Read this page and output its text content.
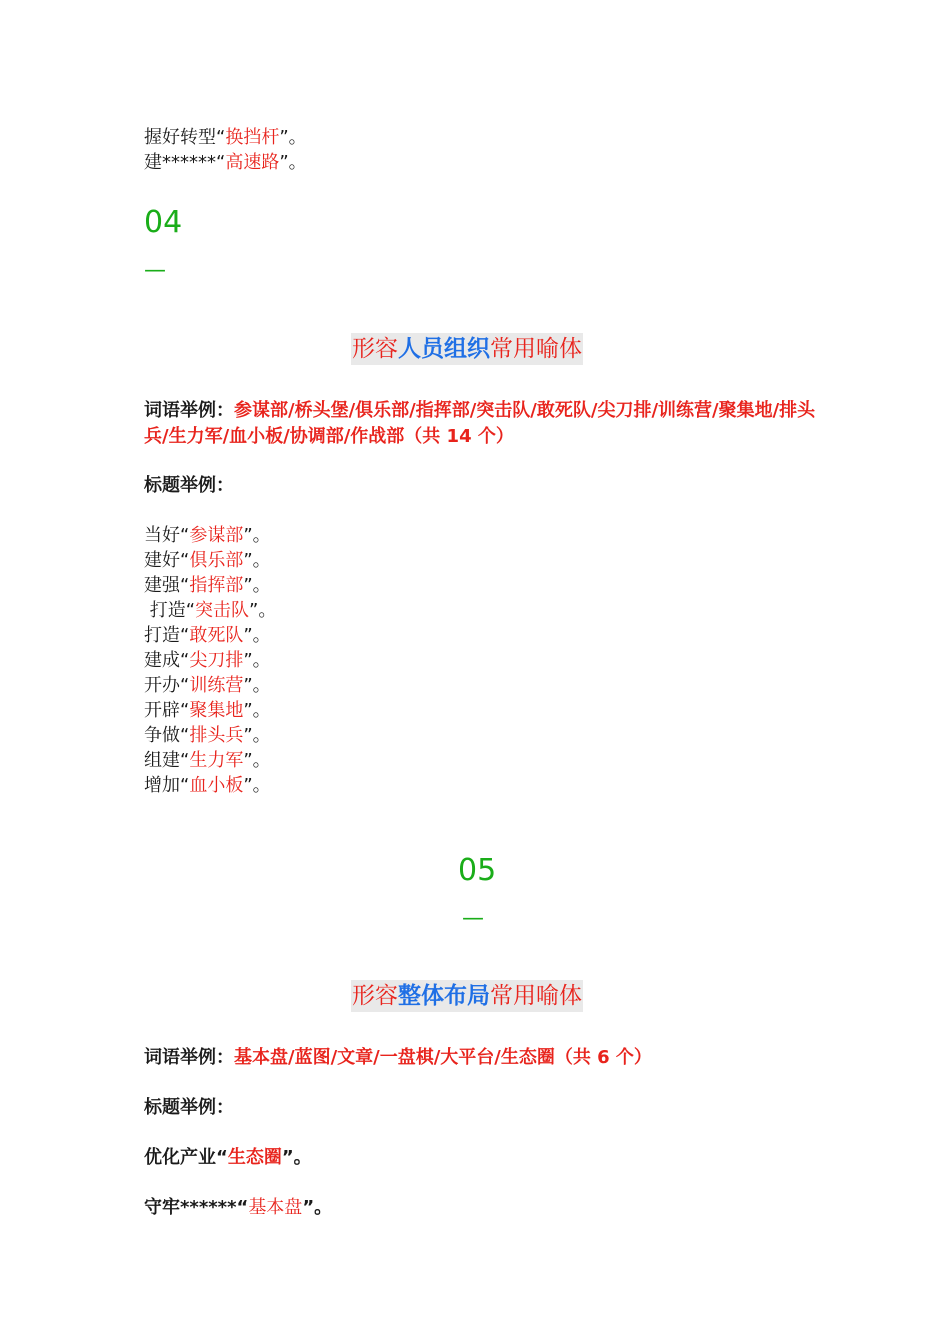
握好转型“换挡杆”。
建******“高速路”。
04
—
形容人员组织常用喻体
词语举例：参谋部/桥头堡/俱乐部/指挥部/突击队/敢死队/尖刀排/训练营/聚集地/排头兵/生力军/血小板/协调部/作战部（共 14 个）
标题举例：
当好“参谋部”。
建好“俱乐部”。
建强“指挥部”。
打造“突击队”。
打造“敢死队”。
建成“尖刀排”。
开办“训练营”。
开辟“聚集地”。
争做“排头兵”。
组建“生力军”。
增加“血小板”。
05
—
形容整体布局常用喻体
词语举例：基本盘/蓝图/文章/一盘棋/大平台/生态圈（共 6 个）
标题举例：
优化产业“生态圈”。
守牢******“基本盘”。
